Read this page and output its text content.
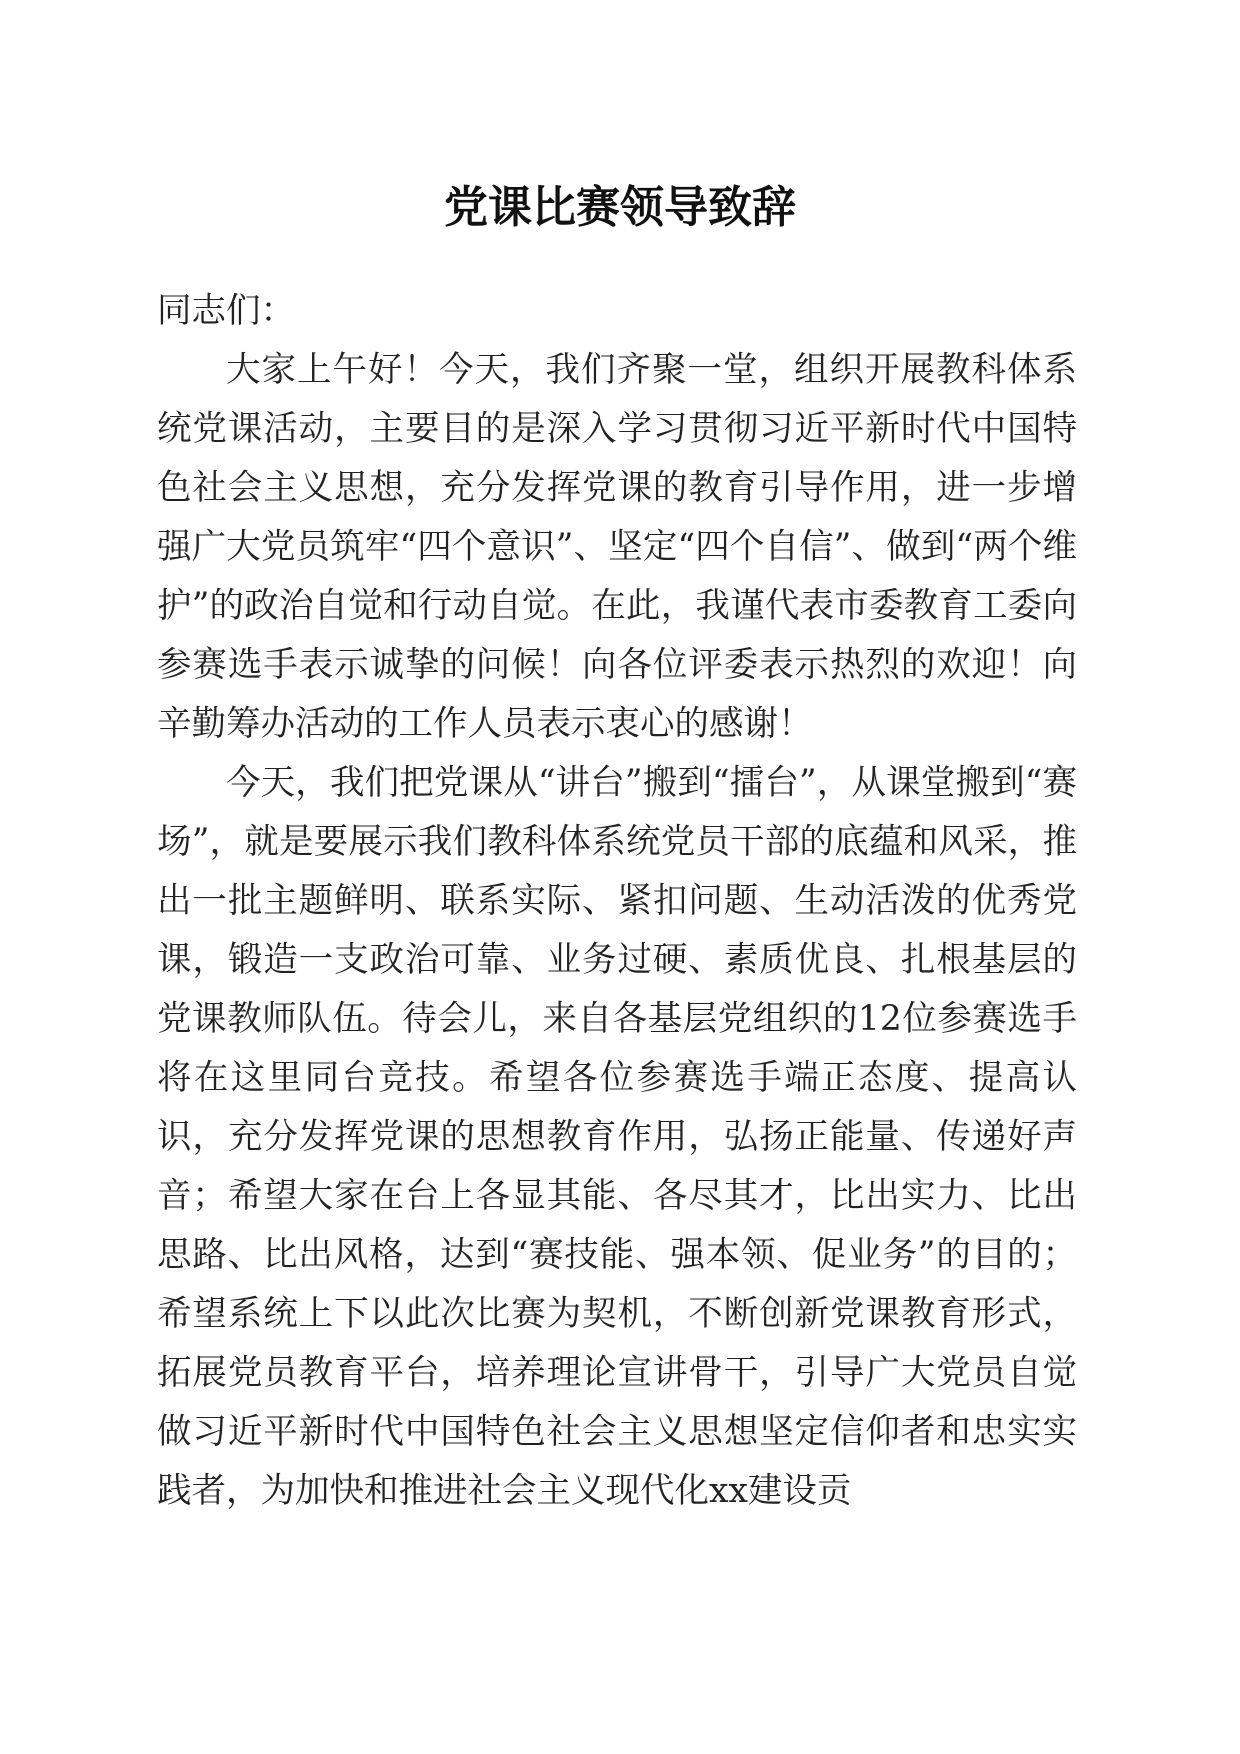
党课比赛领导致辞

同志们：

大家上午好！今天，我们齐聚一堂，组织开展教科体系统党课活动，主要目的是深入学习贯彻习近平新时代中国特色社会主义思想，充分发挥党课的教育引导作用，进一步增强广大党员筑牢“四个意识”、坚定“四个自信”、做到“两个维护”的政治自觉和行动自觉。在此，我谨代表市委教育工委向参赛选手表示诚挚的问候！向各位评委表示热烈的欢迎！向辛勤筹办活动的工作人员表示衷心的感谢！

今天，我们把党课从“讲台”搬到“擂台”，从课堂搬到“赛场”，就是要展示我们教科体系统党员干部的底蕴和风采，推出一批主题鲜明、联系实际、紧扣问题、生动活泼的优秀党课，锻造一支政治可靠、业务过硬、素质优良、扎根基层的党课教师队伍。待会儿，来自各基层党组织的12位参赛选手将在这里同台竞技。希望各位参赛选手端正态度、提高认识，充分发挥党课的思想教育作用，弘扬正能量、传递好声音；希望大家在台上各显其能、各尽其才，比出实力、比出思路、比出风格，达到“赛技能、强本领、促业务”的目的；希望系统上下以此次比赛为契机，不断创新党课教育形式，拓展党员教育平台，培养理论宣讲骨干，引导广大党员自觉做习近平新时代中国特色社会主义思想坚定信仰者和忠实实践者，为加快和推进社会主义现代化xx建设贡
